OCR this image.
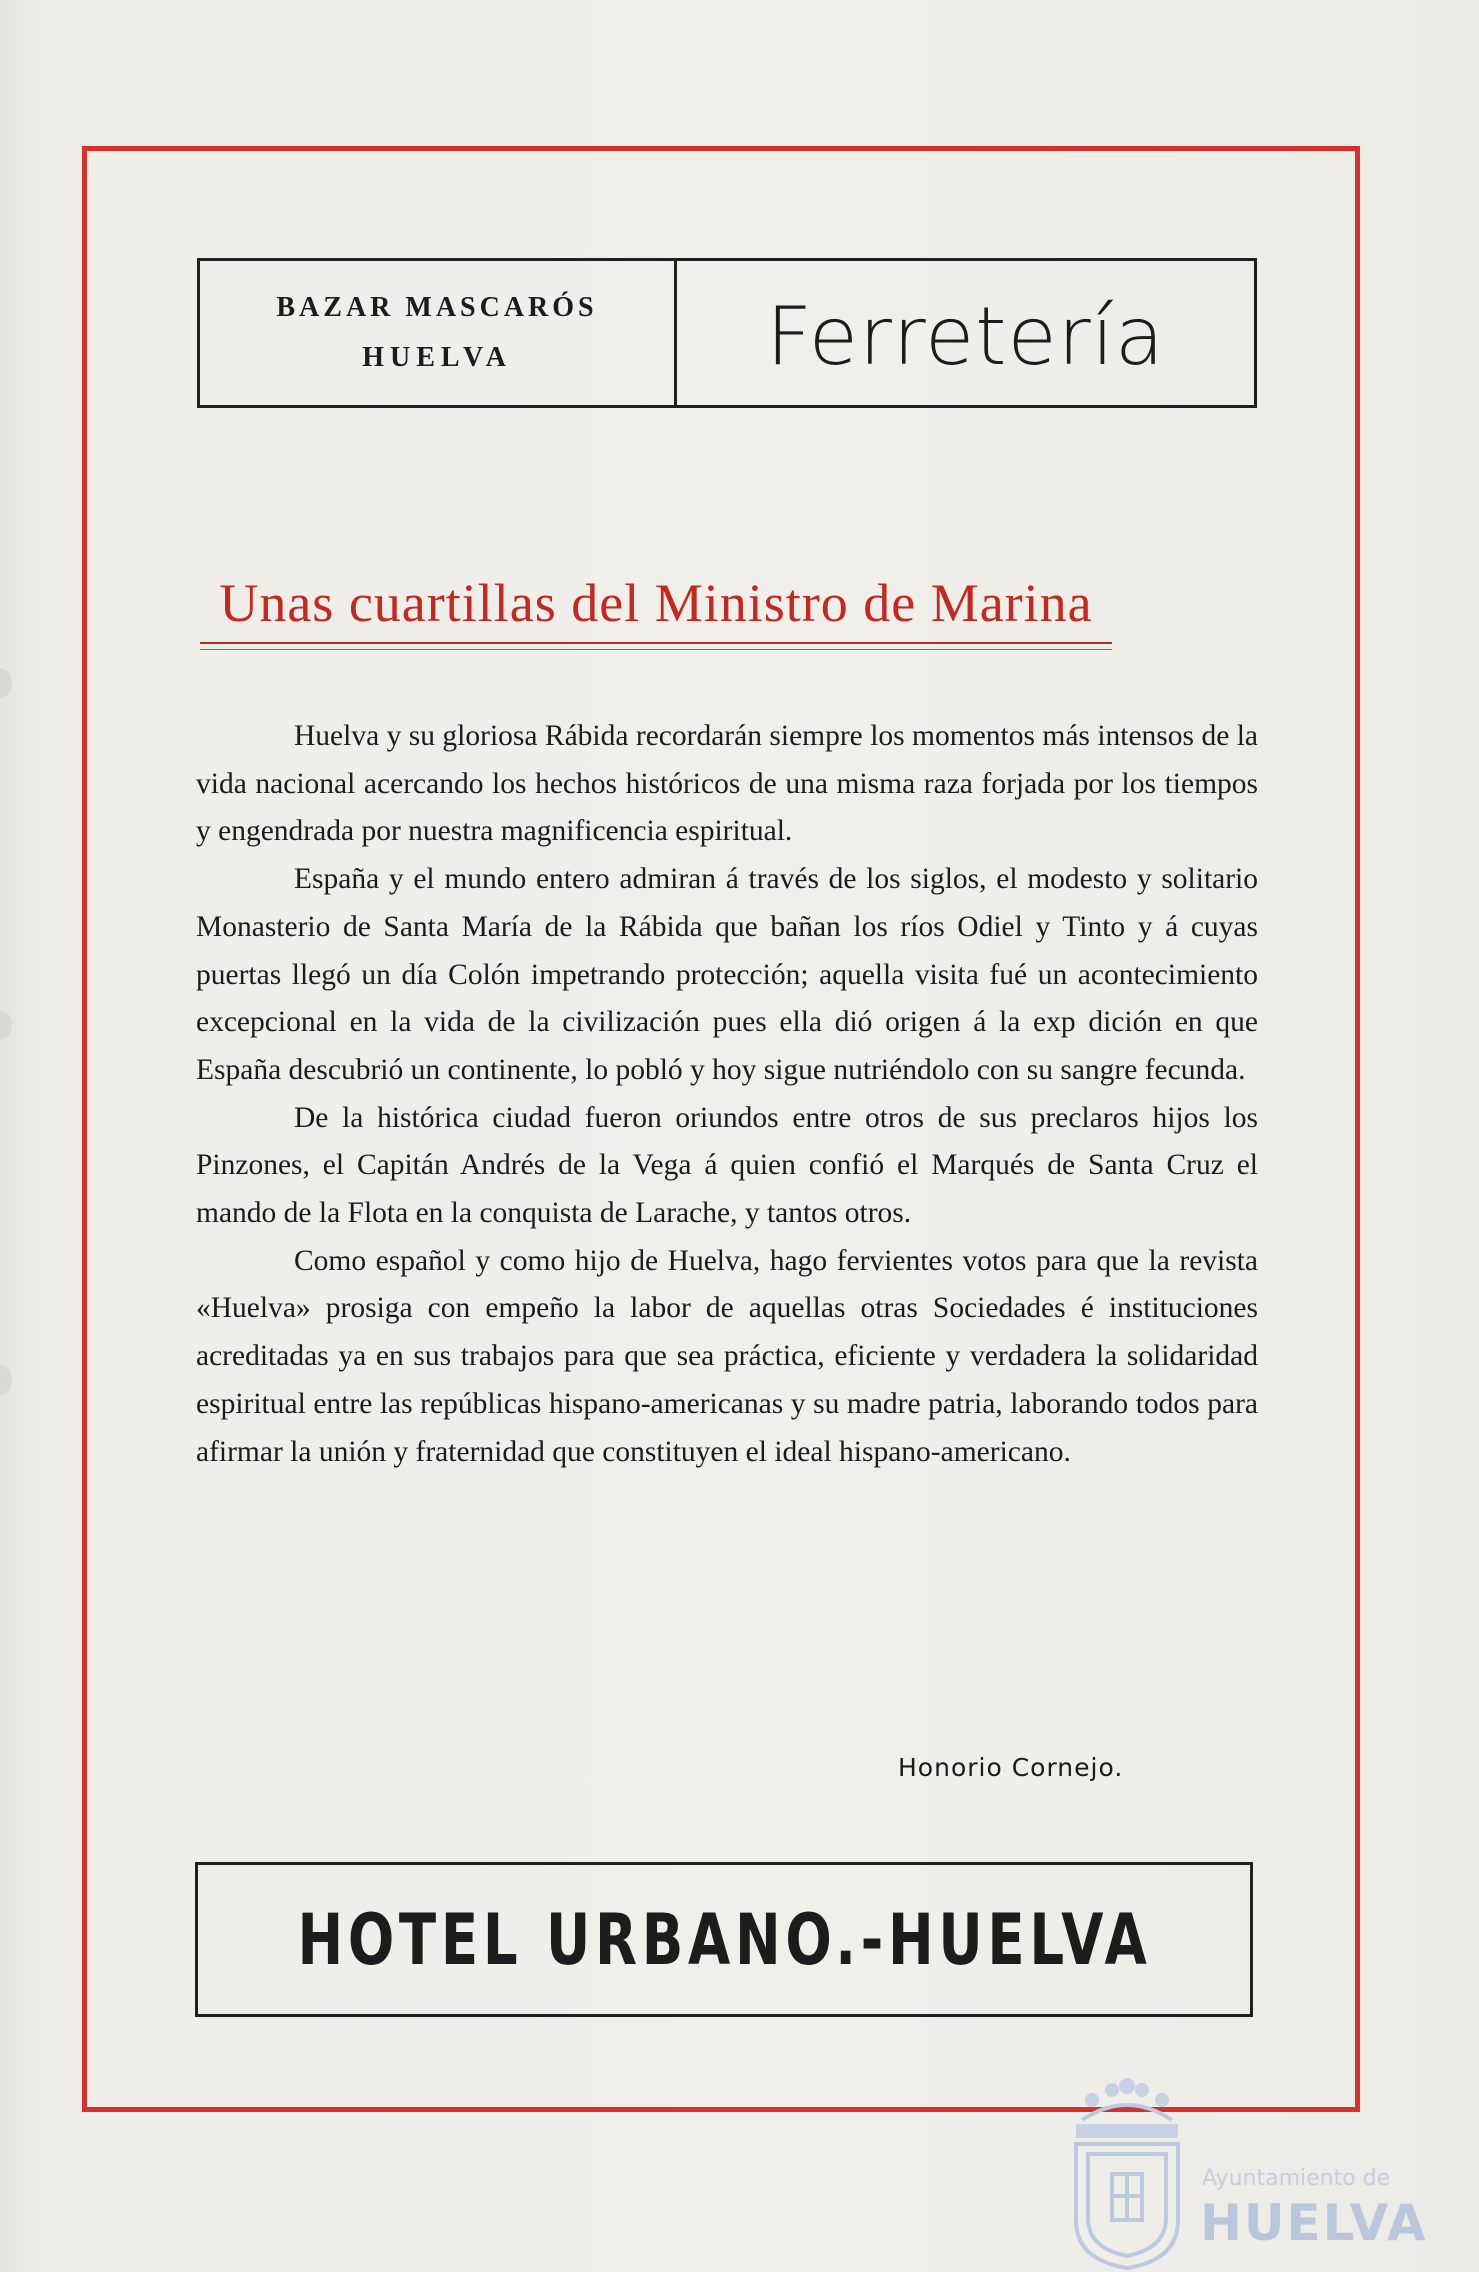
BAZAR MASCARÓS
HUELVA	Ferretería
Unas cuartillas del Ministro de Marina

Huelva y su gloriosa Rábida recordarán siempre los momentos más intensos de la vida nacional acercando los hechos históricos de una misma raza forjada por los tiempos y engendrada por nuestra magnificencia espiritual.

España y el mundo entero admiran á través de los siglos, el modesto y solitario Monasterio de Santa María de la Rábida que bañan los ríos Odiel y Tinto y á cuyas puertas llegó un día Colón impetrando protección; aquella visita fué un acontecimiento excepcional en la vida de la civilización pues ella dió origen á la exp dición en que España descubrió un continente, lo pobló y hoy sigue nutriéndolo con su sangre fecunda.

De la histórica ciudad fueron oriundos entre otros de sus preclaros hijos los Pinzones, el Capitán Andrés de la Vega á quien confió el Marqués de Santa Cruz el mando de la Flota en la conquista de Larache, y tantos otros.

Como español y como hijo de Huelva, hago fervientes votos para que la revista «Huelva» prosiga con empeño la labor de aquellas otras Sociedades é instituciones acreditadas ya en sus trabajos para que sea práctica, eficiente y verdadera la solidaridad espiritual entre las repúblicas hispano-americanas y su madre patria, laborando todos para afirmar la unión y fraternidad que constituyen el ideal hispano-americano.

Honorio Cornejo.
HOTEL URBANO.-HUELVA
Ayuntamiento de
HUELVA
